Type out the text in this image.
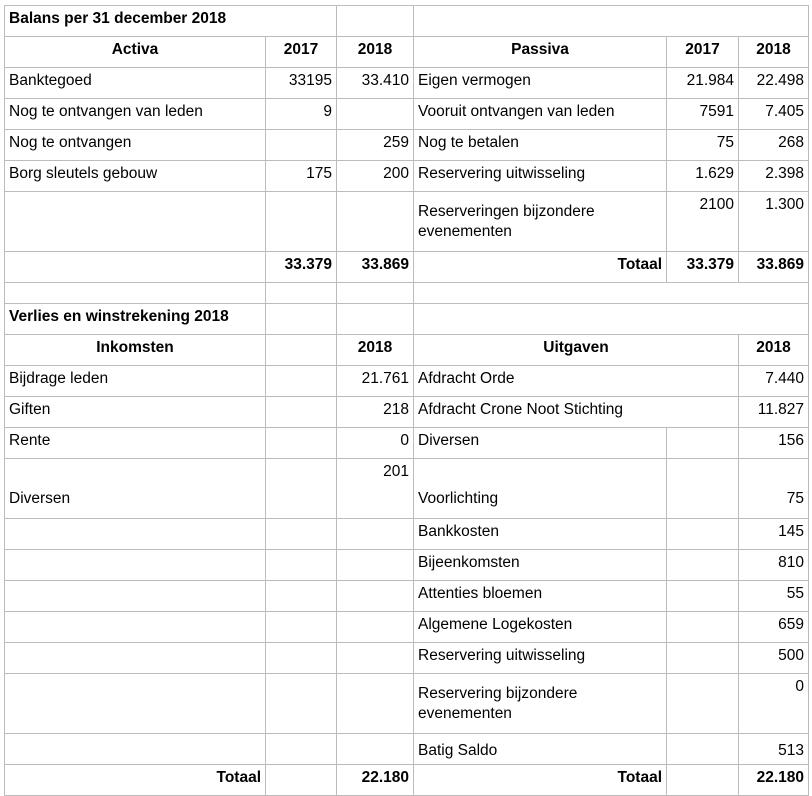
Balans per 31 december 2018					
Activa	2017	2018	Passiva	2017	2018
Banktegoed	33195	33.410	Eigen vermogen	21.984	22.498
Nog te ontvangen van leden	9		Vooruit ontvangen van leden	7591	7.405
Nog te ontvangen		259	Nog te betalen	75	268
Borg sleutels gebouw	175	200	Reservering uitwisseling	1.629	2.398
			Reserveringen bijzondere evenementen	2100	1.300
	33.379	33.869	Totaal	33.379	33.869

Verlies en winstrekening 2018					
Inkomsten		2018	Uitgaven		2018
Bijdrage leden		21.761	Afdracht Orde		7.440
Giften		218	Afdracht Crone Noot Stichting		11.827
Rente		0	Diversen		156
Diversen		201	Voorlichting		75
			Bankkosten		145
			Bijeenkomsten		810
			Attenties bloemen		55
			Algemene Logekosten		659
			Reservering uitwisseling		500
			Reservering bijzondere evenementen		0
			Batig Saldo		513
Totaal		22.180	Totaal		22.180
